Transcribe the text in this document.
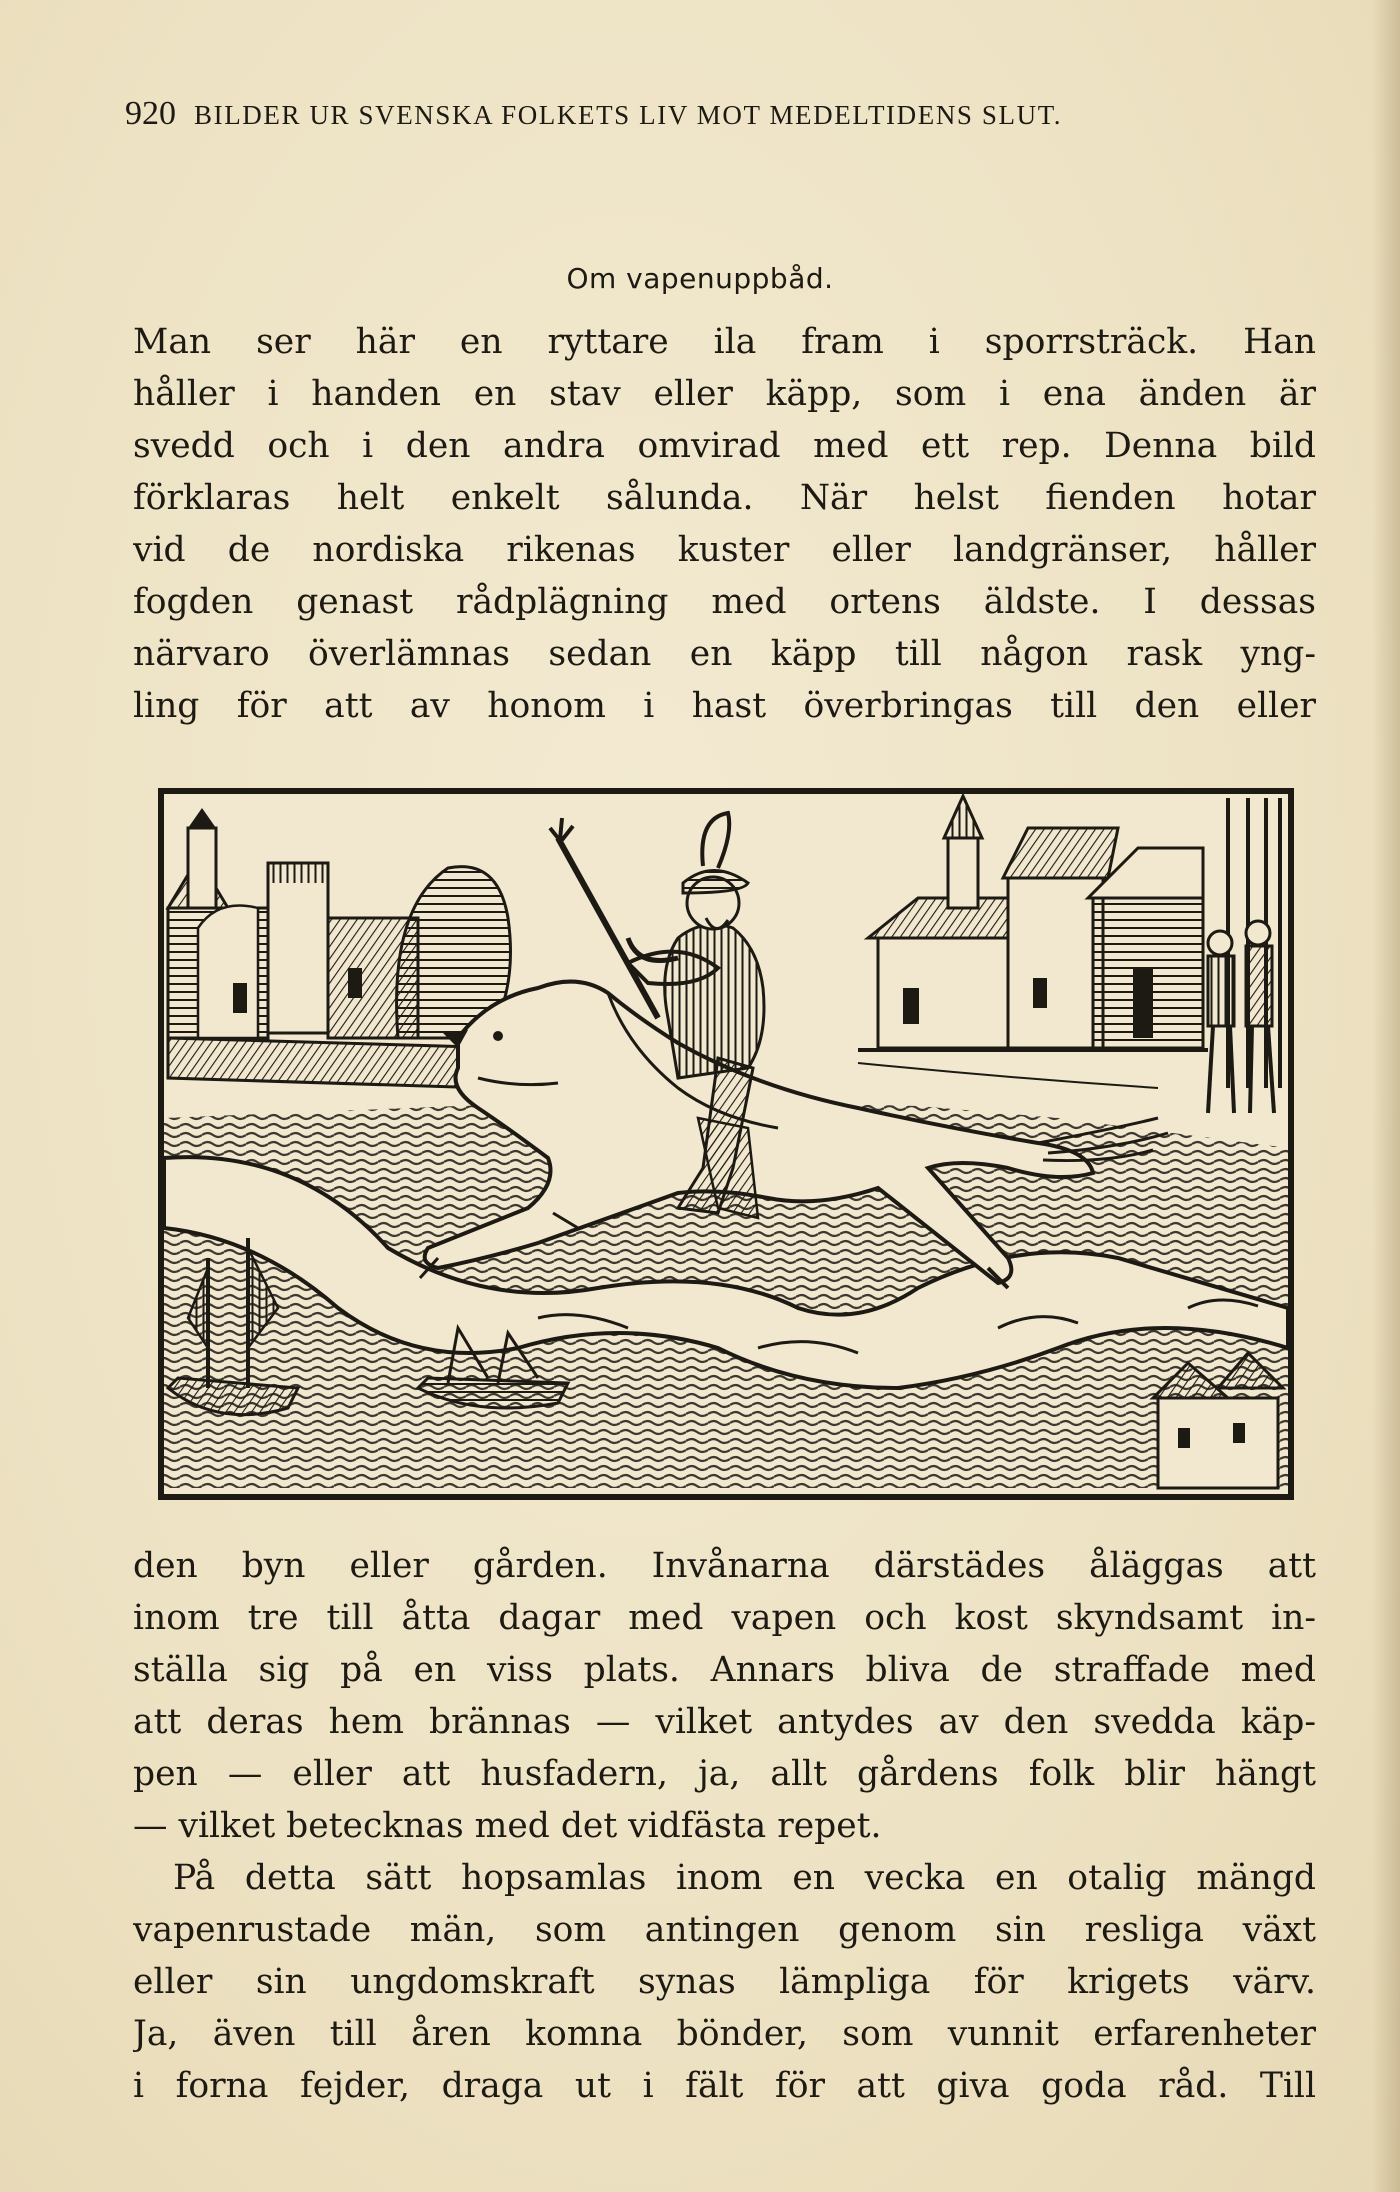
920 BILDER UR SVENSKA FOLKETS LIV MOT MEDELTIDENS SLUT.
Om vapenuppbåd.
Man ser här en ryttare ila fram i sporrsträck. Han
håller i handen en stav eller käpp, som i ena änden är
svedd och i den andra omvirad med ett rep. Denna bild
förklaras helt enkelt sålunda. När helst fienden hotar
vid de nordiska rikenas kuster eller landgränser, håller
fogden genast rådplägning med ortens äldste. I dessas
närvaro överlämnas sedan en käpp till någon rask yng-
ling för att av honom i hast överbringas till den eller
den byn eller gården. Invånarna därstädes åläggas att
inom tre till åtta dagar med vapen och kost skyndsamt in-
ställa sig på en viss plats. Annars bliva de straffade med
att deras hem brännas — vilket antydes av den svedda käp-
pen — eller att husfadern, ja, allt gårdens folk blir hängt
— vilket betecknas med det vidfästa repet.
På detta sätt hopsamlas inom en vecka en otalig mängd
vapenrustade män, som antingen genom sin resliga växt
eller sin ungdomskraft synas lämpliga för krigets värv.
Ja, även till åren komna bönder, som vunnit erfarenheter
i forna fejder, draga ut i fält för att giva goda råd. Till
